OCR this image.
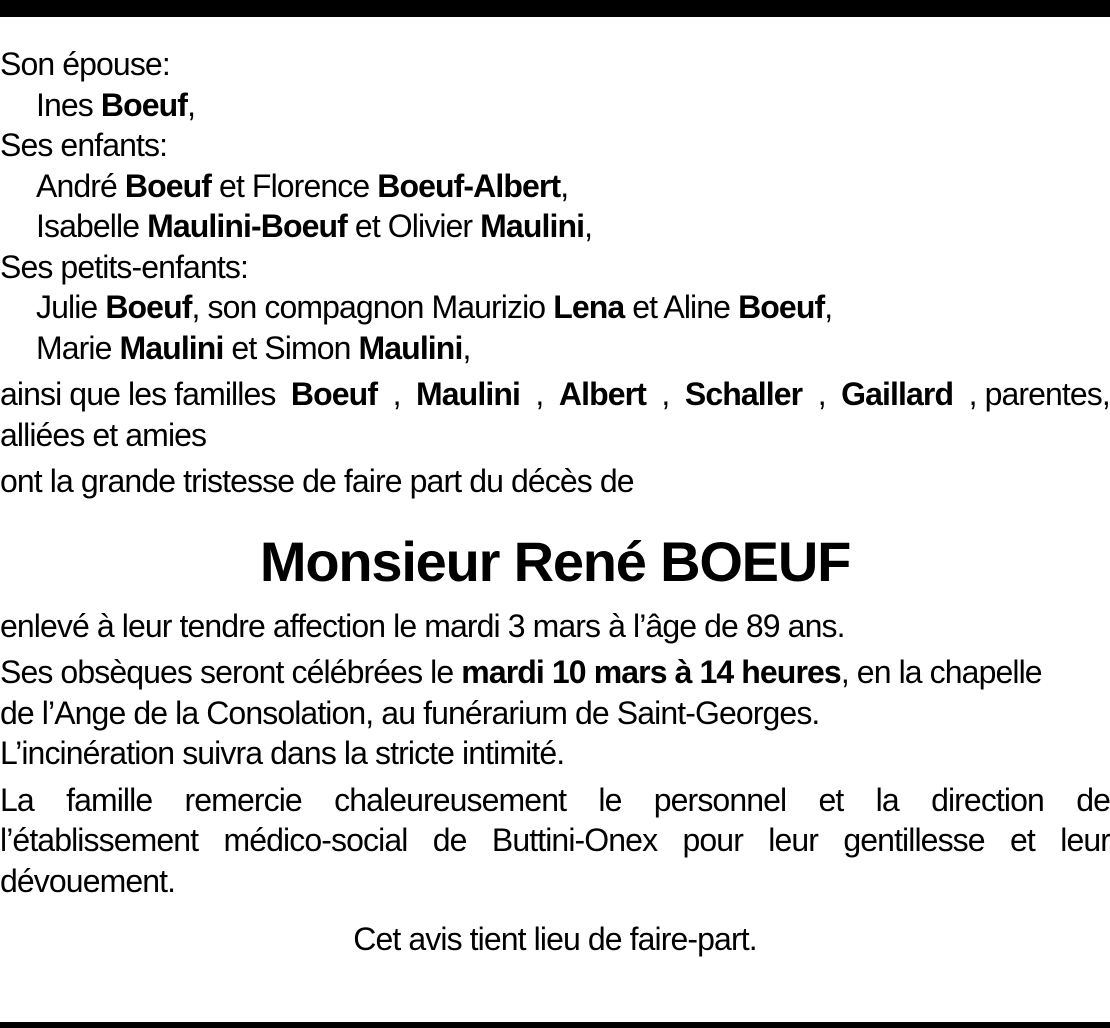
Son épouse:
Ines Boeuf,
Ses enfants:
André Boeuf et Florence Boeuf-Albert,
Isabelle Maulini-Boeuf et Olivier Maulini,
Ses petits-enfants:
Julie Boeuf, son compagnon Maurizio Lena et Aline Boeuf,
Marie Maulini et Simon Maulini,
ainsi que les familles Boeuf , Maulini , Albert , Schaller , Gaillard , parentes,
alliées et amies
ont la grande tristesse de faire part du décès de
Monsieur René BOEUF
enlevé à leur tendre affection le mardi 3 mars à l’âge de 89 ans.
Ses obsèques seront célébrées le mardi 10 mars à 14 heures, en la chapelle
de l’Ange de la Consolation, au funérarium de Saint-Georges.
L’incinération suivra dans la stricte intimité.
La famille remercie chaleureusement le personnel et la direction de
l’établissement médico-social de Buttini-Onex pour leur gentillesse et leur
dévouement.
Cet avis tient lieu de faire-part.
